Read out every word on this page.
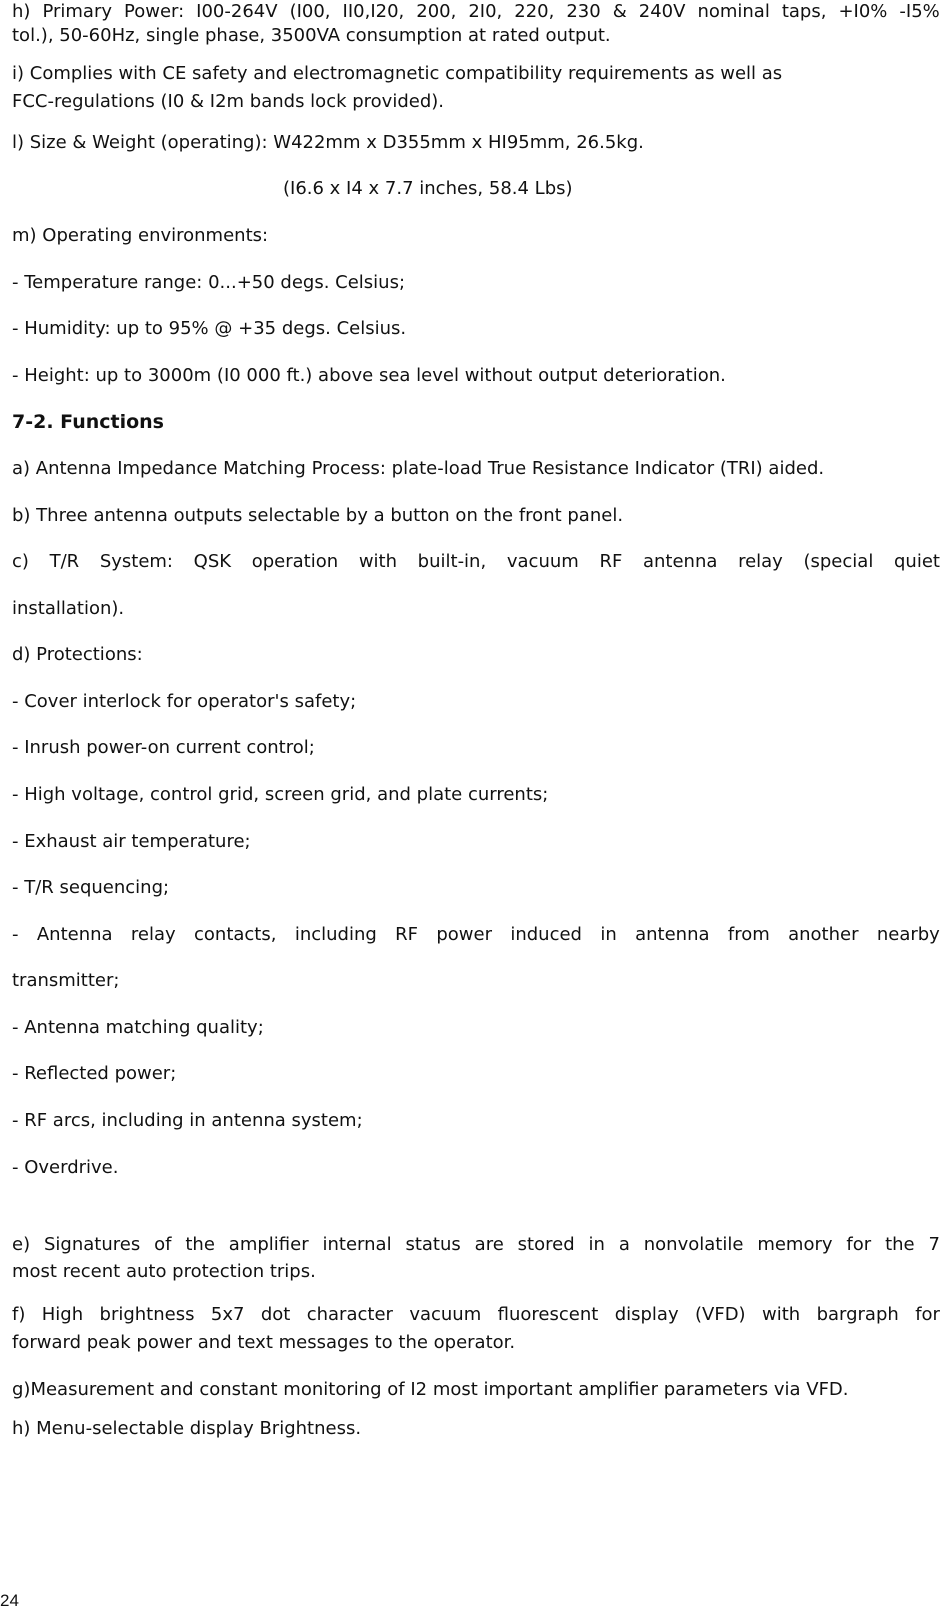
h) Primary Power: I00-264V (I00, II0,I20, 200, 2I0, 220, 230 & 240V nominal taps, +I0% -I5%
tol.), 50-60Hz, single phase, 3500VA consumption at rated output.
i) Complies with CE safety and electromagnetic compatibility requirements as well as
FCC-regulations (I0 & I2m bands lock provided).
l) Size & Weight (operating): W422mm x D355mm x HI95mm, 26.5kg.
(I6.6 x I4 x 7.7 inches, 58.4 Lbs)
m) Operating environments:
- Temperature range: 0...+50 degs. Celsius;
- Humidity: up to 95% @ +35 degs. Celsius.
- Height: up to 3000m (I0 000 ft.) above sea level without output deterioration.
7-2. Functions
a) Antenna Impedance Matching Process: plate-load True Resistance Indicator (TRI) aided.
b) Three antenna outputs selectable by a button on the front panel.
c) T/R System: QSK operation with built-in, vacuum RF antenna relay (special quiet
installation).
d) Protections:
- Cover interlock for operator's safety;
- Inrush power-on current control;
- High voltage, control grid, screen grid, and plate currents;
- Exhaust air temperature;
- T/R sequencing;
- Antenna relay contacts, including RF power induced in antenna from another nearby
transmitter;
- Antenna matching quality;
- Reflected power;
- RF arcs, including in antenna system;
- Overdrive.
e) Signatures of the amplifier internal status are stored in a nonvolatile memory for the 7
most recent auto protection trips.
f) High brightness 5x7 dot character vacuum fluorescent display (VFD) with bargraph for
forward peak power and text messages to the operator.
g)Measurement and constant monitoring of I2 most important amplifier parameters via VFD.
h) Menu-selectable display Brightness.
24
